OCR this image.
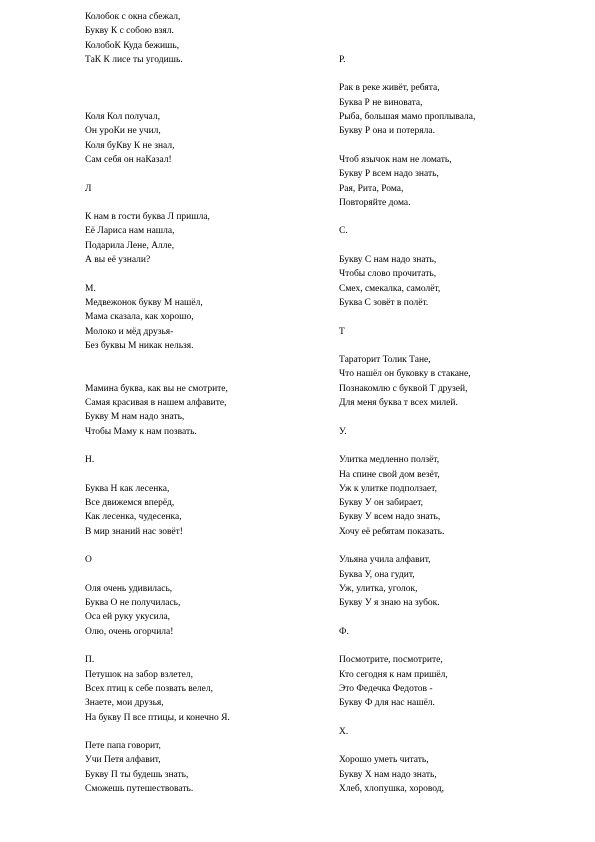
Колобок с окна сбежал,
Букву К с собою взял.
КолобоК Куда бежишь,
ТаК К лисе ты угодишь.
Коля Кол получал,
Он уроКи не учил,
Коля буКву К не знал,
Сам себя он наКазал!
Л
К нам в гости буква Л пришла,
Её Лариса нам нашла,
Подарила Лене, Алле,
А вы её узнали?
М.
Медвежонок букву М нашёл,
Мама сказала, как хорошо,
Молоко и мёд друзья-
Без буквы М никак нельзя.
Мамина буква, как вы не смотрите,
Самая красивая в нашем алфавите,
Букву М нам надо знать,
Чтобы Маму к нам позвать.
Н.
Буква Н как лесенка,
Все движемся вперёд,
Как лесенка, чудесенка,
В мир знаний нас зовёт!
О
Оля очень удивилась,
Буква О не получилась,
Оса ей руку укусила,
Олю, очень огорчила!
П.
Петушок на забор взлетел,
Всех птиц к себе позвать велел,
Знаете, мои друзья,
На букву П все птицы, и конечно Я.
Пете папа говорит,
Учи Петя алфавит,
Букву П ты будешь знать,
Сможешь путешествовать.
Р.
Рак в реке живёт, ребята,
Буква Р не виновата,
Рыба, большая мамо проплывала,
Букву Р она и потеряла.
Чтоб язычок нам не ломать,
Букву Р всем надо знать,
Рая, Рита, Рома,
Повторяйте дома.
С.
Букву С нам надо знать,
Чтобы слово прочитать,
Смех, смекалка, самолёт,
Буква С зовёт в полёт.
Т
Тараторит Толик Тане,
Что нашёл он буковку в стакане,
Познакомлю с буквой Т друзей,
Для меня буква т всех милей.
У.
Улитка медленно ползёт,
На спине свой дом везёт,
Уж к улитке подползает,
Букву У он забирает,
Букву У всем надо знать,
Хочу её ребятам показать.
Ульяна учила алфавит,
Буква У, она гудит,
Уж, улитка, уголок,
Букву У я знаю на зубок.
Ф.
Посмотрите, посмотрите,
Кто сегодня к нам пришёл,
Это Федечка Федотов -
Букву Ф для нас нашёл.
Х.
Хорошо уметь читать,
Букву Х нам надо знать,
Хлеб, хлопушка, хоровод,
